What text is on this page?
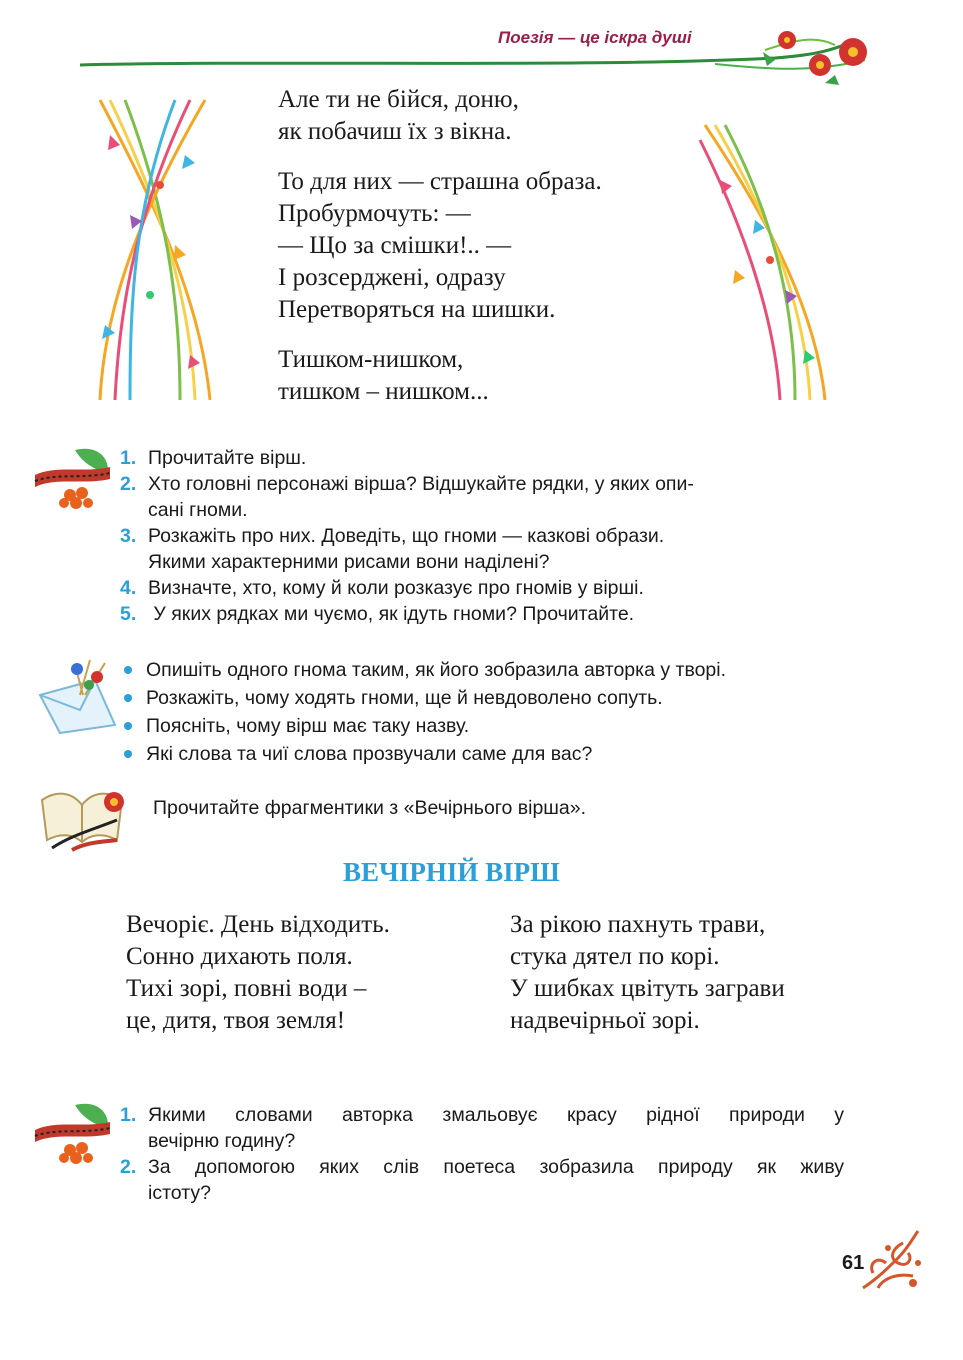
Поезія — це іскра душі
Але ти не бійся, доню,
як побачиш їх з вікна.
То для них — страшна образа.
Пробурмочуть: —
— Що за смішки!.. —
І розсерджені, одразу
Перетворяться на шишки.
Тишком-нишком,
тишком – нишком...
1. Прочитайте вірш.
2. Хто головні персонажі вірша? Відшукайте рядки, у яких опи-
сані гноми.
3. Розкажіть про них. Доведіть, що гноми — казкові образи.
Якими характерними рисами вони наділені?
4. Визначте, хто, кому й коли розказує про гномів у вірші.
5. У яких рядках ми чуємо, як ідуть гноми? Прочитайте.
Опишіть одного гнома таким, як його зобразила авторка у творі.
Розкажіть, чому ходять гноми, ще й невдоволено сопуть.
Поясніть, чому вірш має таку назву.
Які слова та чиї слова прозвучали саме для вас?
Прочитайте фрагментики з «Вечірнього вірша».
ВЕЧІРНІЙ ВІРШ
Вечоріє. День відходить.
Сонно дихають поля.
Тихі зорі, повні води –
це, дитя, твоя земля!
За рікою пахнуть трави,
стука дятел по корі.
У шибках цвітуть заграви
надвечірньої зорі.
1. Якими словами авторка змальовує красу рідної природи у
вечірню годину?
2. За допомогою яких слів поетеса зобразила природу як живу
істоту?
61
